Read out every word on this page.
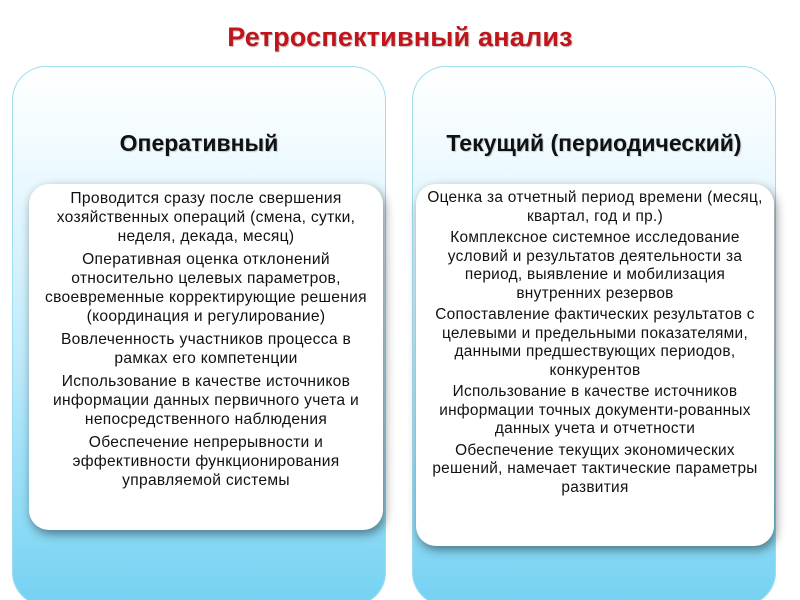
Ретроспективный анализ
Оперативный
Проводится сразу после свершения хозяйственных операций (смена, сутки, неделя, декада, месяц)
Оперативная оценка отклонений относительно целевых параметров, своевременные корректирующие решения (координация и регулирование)
Вовлеченность участников процесса в рамках его компетенции
Использование в качестве источников информации данных первичного учета и непосредственного наблюдения
Обеспечение непрерывности и эффективности функционирования управляемой системы
Текущий (периодический)
Оценка за отчетный период времени (месяц, квартал, год и пр.)
Комплексное системное исследование условий и результатов деятельности за период, выявление и мобилизация внутренних резервов
Сопоставление фактических результатов с целевыми и предельными показателями, данными предшествующих периодов, конкурентов
Использование в качестве источников информации точных документи-рованных данных учета и отчетности
Обеспечение текущих экономических решений, намечает тактические параметры развития
